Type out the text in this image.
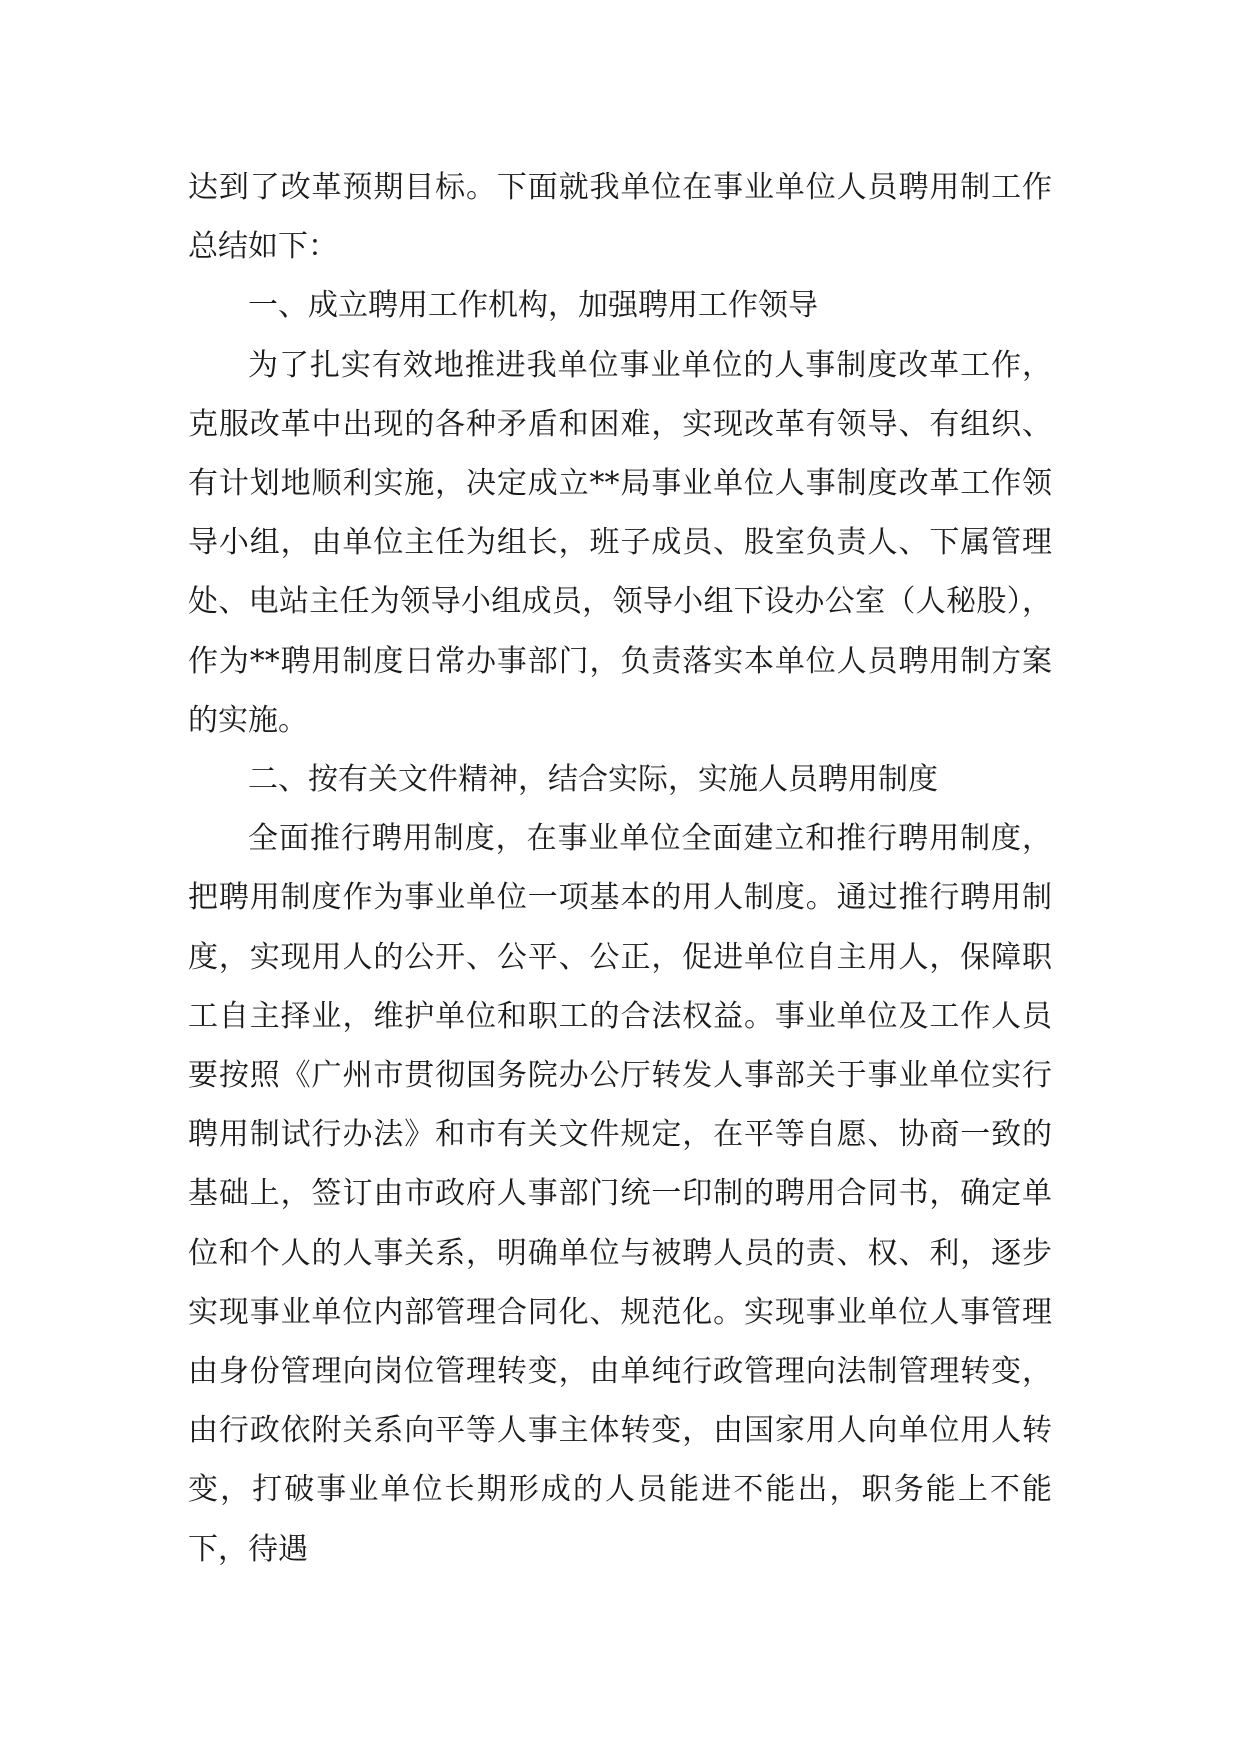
达到了改革预期目标。下面就我单位在事业单位人员聘用制工作总结如下：

一、成立聘用工作机构，加强聘用工作领导

为了扎实有效地推进我单位事业单位的人事制度改革工作，克服改革中出现的各种矛盾和困难，实现改革有领导、有组织、有计划地顺利实施，决定成立**局事业单位人事制度改革工作领导小组，由单位主任为组长，班子成员、股室负责人、下属管理处、电站主任为领导小组成员，领导小组下设办公室（人秘股），作为**聘用制度日常办事部门，负责落实本单位人员聘用制方案的实施。

二、按有关文件精神，结合实际，实施人员聘用制度

全面推行聘用制度，在事业单位全面建立和推行聘用制度，把聘用制度作为事业单位一项基本的用人制度。通过推行聘用制度，实现用人的公开、公平、公正，促进单位自主用人，保障职工自主择业，维护单位和职工的合法权益。事业单位及工作人员要按照《广州市贯彻国务院办公厅转发人事部关于事业单位实行聘用制试行办法》和市有关文件规定，在平等自愿、协商一致的基础上，签订由市政府人事部门统一印制的聘用合同书，确定单位和个人的人事关系，明确单位与被聘人员的责、权、利，逐步实现事业单位内部管理合同化、规范化。实现事业单位人事管理由身份管理向岗位管理转变，由单纯行政管理向法制管理转变，由行政依附关系向平等人事主体转变，由国家用人向单位用人转变，打破事业单位长期形成的人员能进不能出，职务能上不能下，待遇
